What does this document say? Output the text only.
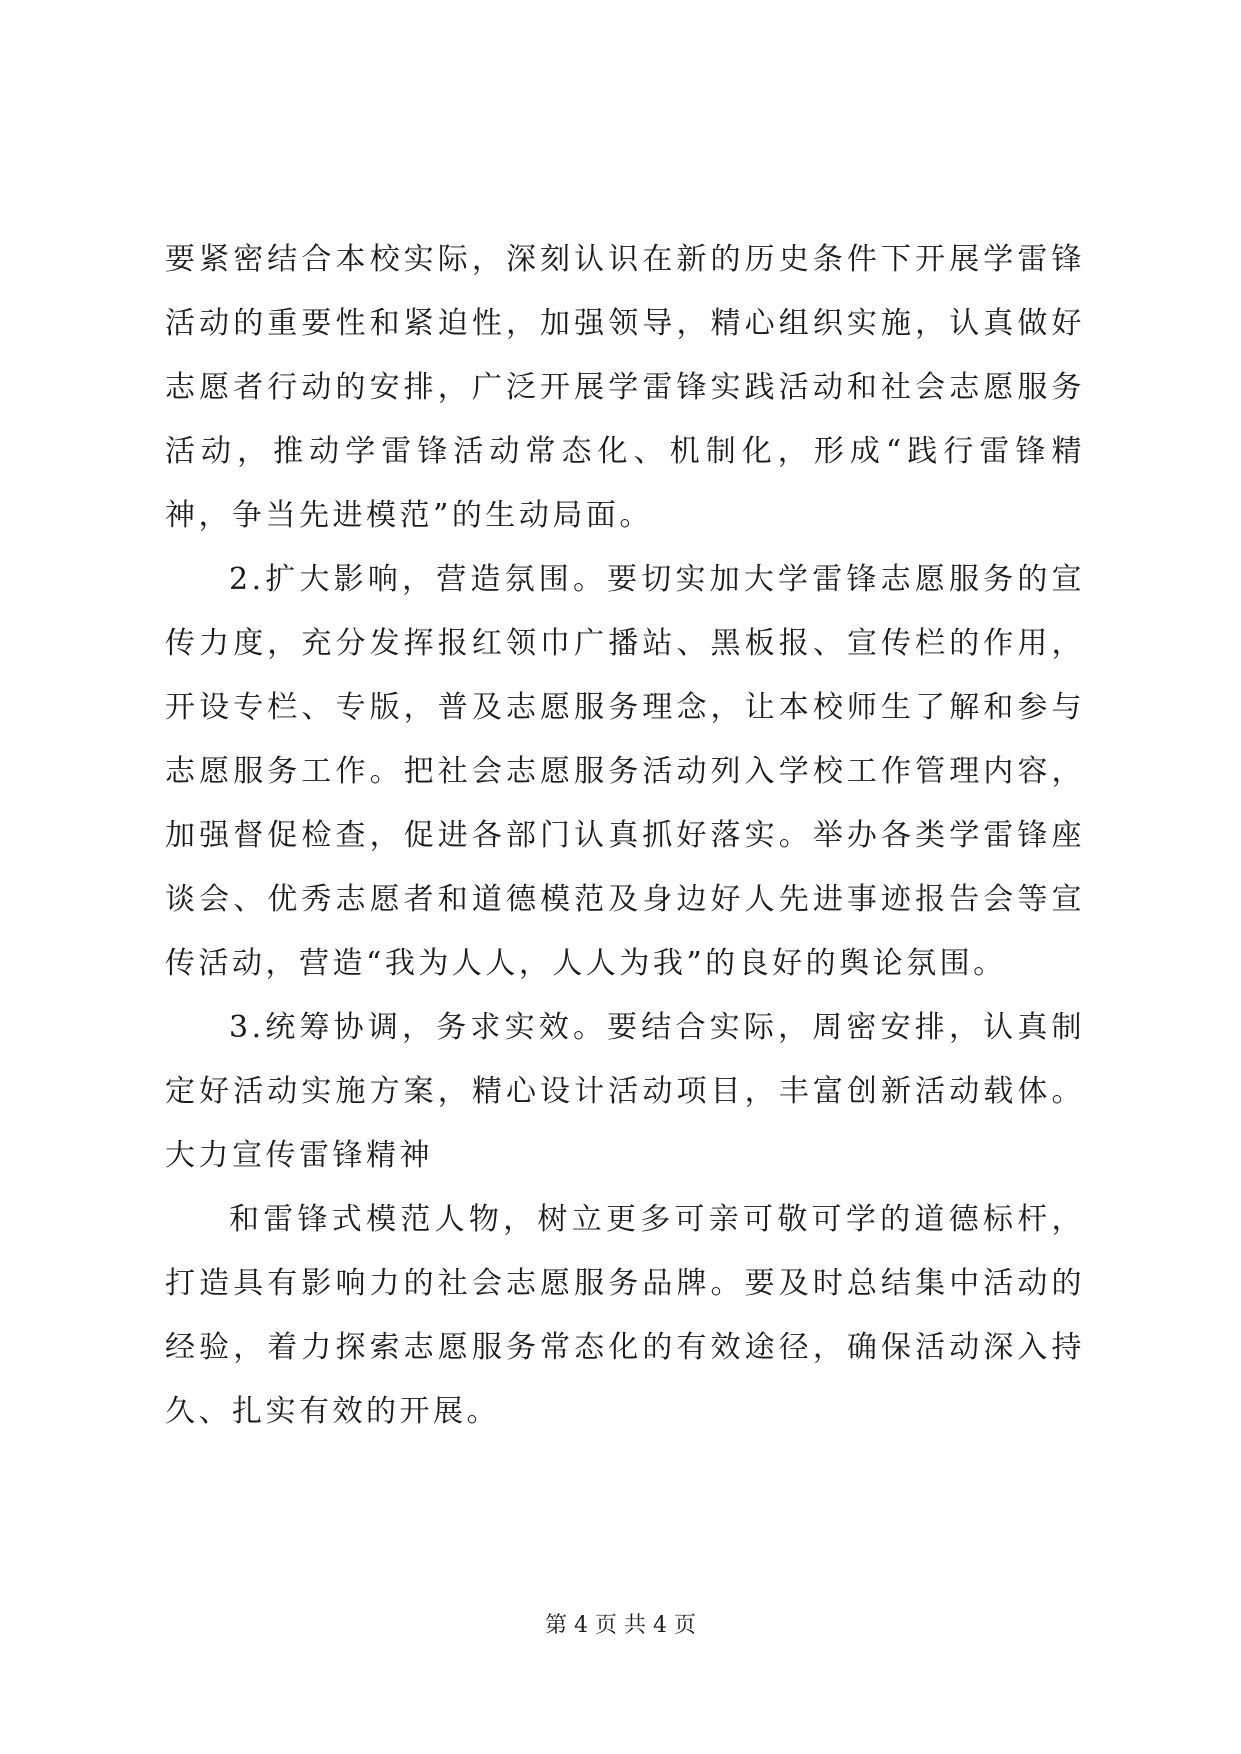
要紧密结合本校实际，深刻认识在新的历史条件下开展学雷锋活动的重要性和紧迫性，加强领导，精心组织实施，认真做好志愿者行动的安排，广泛开展学雷锋实践活动和社会志愿服务活动，推动学雷锋活动常态化、机制化，形成“践行雷锋精神，争当先进模范”的生动局面。

2.扩大影响，营造氛围。要切实加大学雷锋志愿服务的宣传力度，充分发挥报红领巾广播站、黑板报、宣传栏的作用，开设专栏、专版，普及志愿服务理念，让本校师生了解和参与志愿服务工作。把社会志愿服务活动列入学校工作管理内容，加强督促检查，促进各部门认真抓好落实。举办各类学雷锋座谈会、优秀志愿者和道德模范及身边好人先进事迹报告会等宣传活动，营造“我为人人，人人为我”的良好的舆论氛围。

3.统筹协调，务求实效。要结合实际，周密安排，认真制定好活动实施方案，精心设计活动项目，丰富创新活动载体。大力宣传雷锋精神

和雷锋式模范人物，树立更多可亲可敬可学的道德标杆，打造具有影响力的社会志愿服务品牌。要及时总结集中活动的经验，着力探索志愿服务常态化的有效途径，确保活动深入持久、扎实有效的开展。

第 4 页 共 4 页
